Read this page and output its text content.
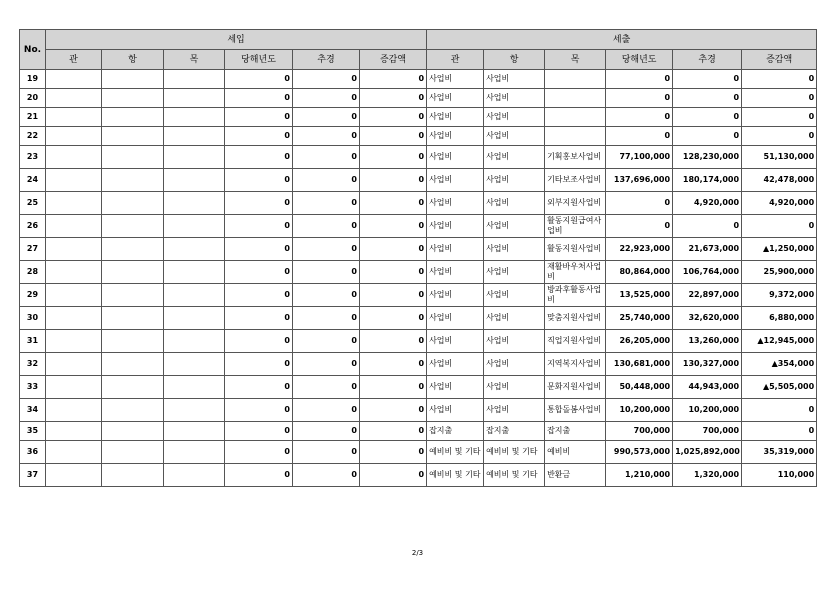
No.	세입						세출					
	관	항	목	당해년도	추경	증감액	관	항	목	당해년도	추경	증감액
19				0	0	0	사업비	사업비		0	0	0
20				0	0	0	사업비	사업비		0	0	0
21				0	0	0	사업비	사업비		0	0	0
22				0	0	0	사업비	사업비		0	0	0
23				0	0	0	사업비	사업비	기획홍보사업비	77,100,000	128,230,000	51,130,000
24				0	0	0	사업비	사업비	기타보조사업비	137,696,000	180,174,000	42,478,000
25				0	0	0	사업비	사업비	외부지원사업비	0	4,920,000	4,920,000
26				0	0	0	사업비	사업비	활동지원급여사업비	0	0	0
27				0	0	0	사업비	사업비	활동지원사업비	22,923,000	21,673,000	▲1,250,000
28				0	0	0	사업비	사업비	재활바우처사업비	80,864,000	106,764,000	25,900,000
29				0	0	0	사업비	사업비	방과후활동사업비	13,525,000	22,897,000	9,372,000
30				0	0	0	사업비	사업비	맞춤지원사업비	25,740,000	32,620,000	6,880,000
31				0	0	0	사업비	사업비	직업지원사업비	26,205,000	13,260,000	▲12,945,000
32				0	0	0	사업비	사업비	지역복지사업비	130,681,000	130,327,000	▲354,000
33				0	0	0	사업비	사업비	문화지원사업비	50,448,000	44,943,000	▲5,505,000
34				0	0	0	사업비	사업비	통합돌봄사업비	10,200,000	10,200,000	0
35				0	0	0	잡지출	잡지출	잡지출	700,000	700,000	0
36				0	0	0	예비비 및 기타	예비비 및 기타	예비비	990,573,000	1,025,892,000	35,319,000
37				0	0	0	예비비 및 기타	예비비 및 기타	반환금	1,210,000	1,320,000	110,000
2/3
